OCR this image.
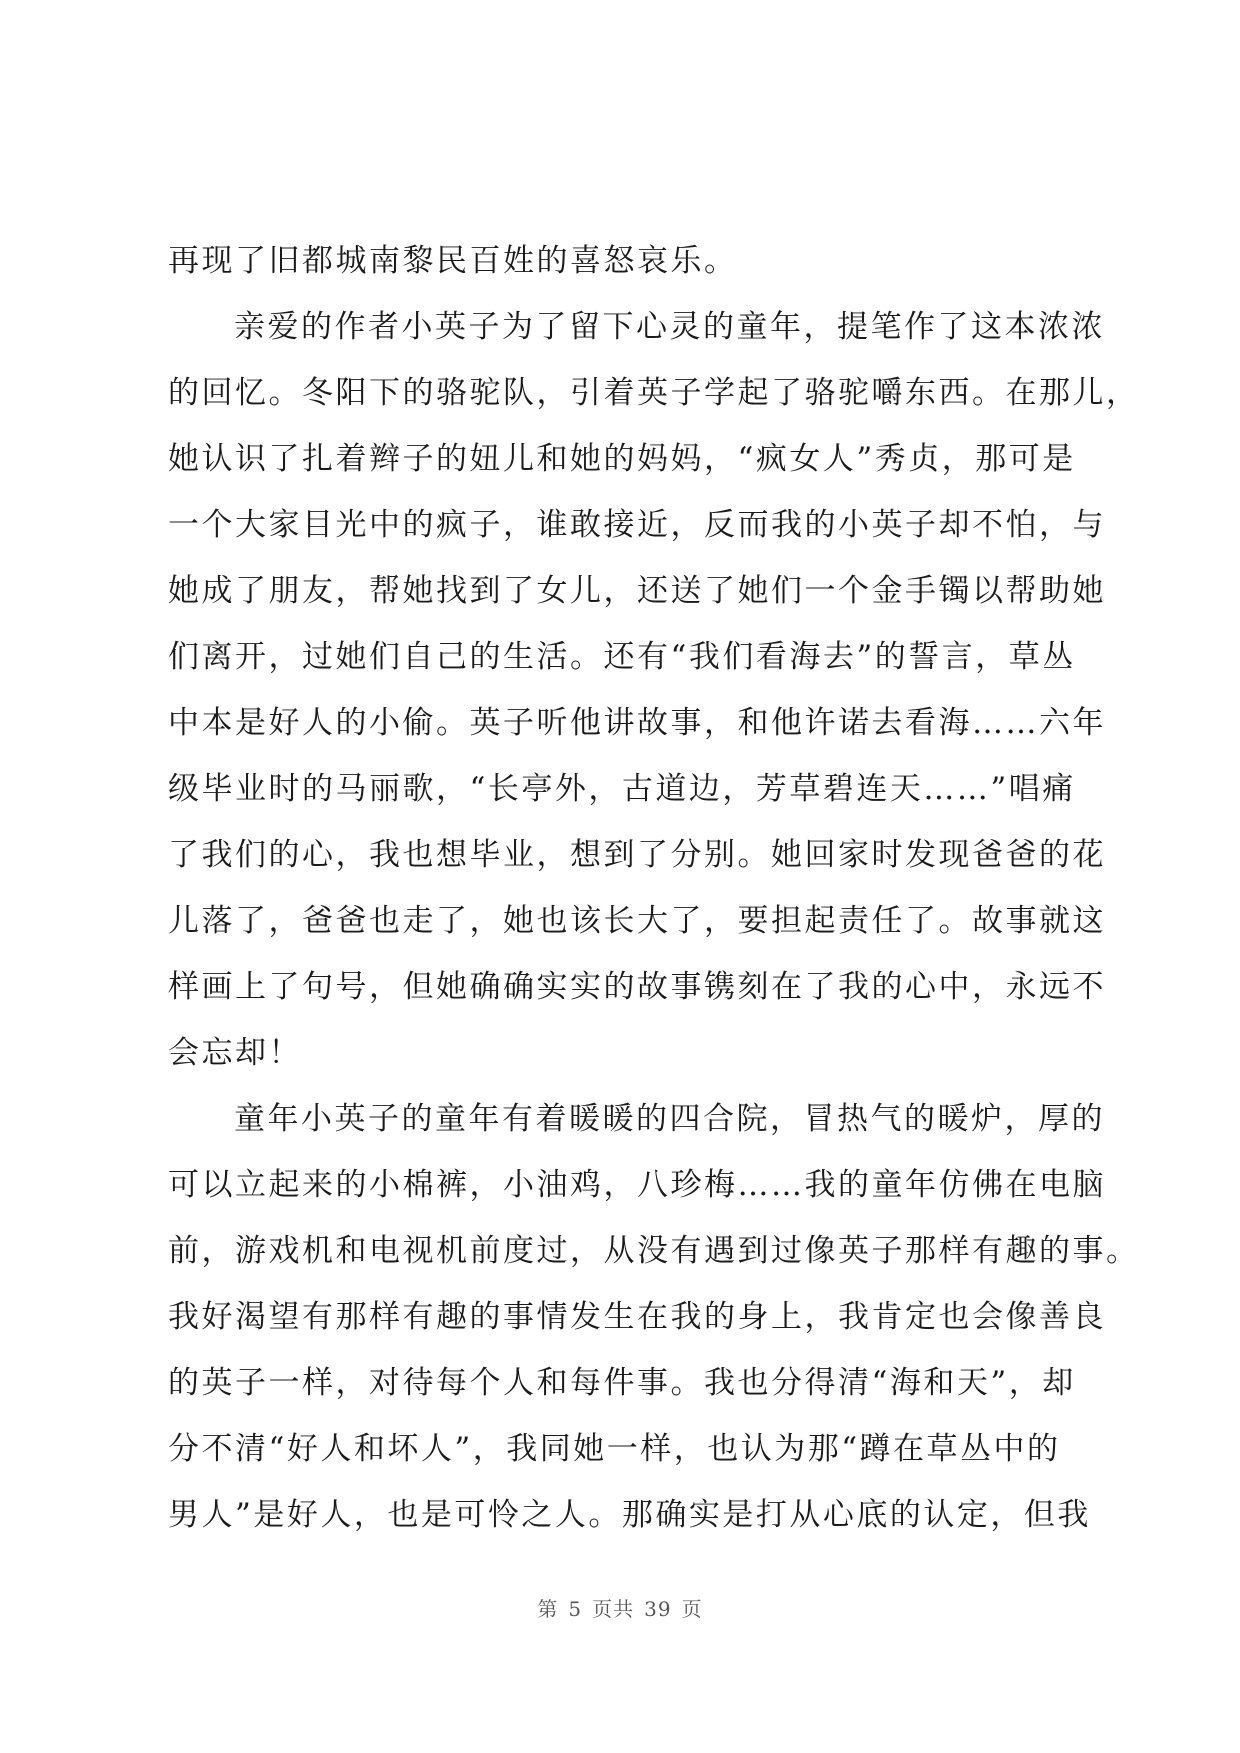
再现了旧都城南黎民百姓的喜怒哀乐。
亲爱的作者小英子为了留下心灵的童年，提笔作了这本浓浓
的回忆。冬阳下的骆驼队，引着英子学起了骆驼嚼东西。在那儿，
她认识了扎着辫子的妞儿和她的妈妈，“疯女人”秀贞，那可是
一个大家目光中的疯子，谁敢接近，反而我的小英子却不怕，与
她成了朋友，帮她找到了女儿，还送了她们一个金手镯以帮助她
们离开，过她们自己的生活。还有“我们看海去”的誓言，草丛
中本是好人的小偷。英子听他讲故事，和他许诺去看海……六年
级毕业时的马丽歌，“长亭外，古道边，芳草碧连天……”唱痛
了我们的心，我也想毕业，想到了分别。她回家时发现爸爸的花
儿落了，爸爸也走了，她也该长大了，要担起责任了。故事就这
样画上了句号，但她确确实实的故事镌刻在了我的心中，永远不
会忘却！
童年小英子的童年有着暖暖的四合院，冒热气的暖炉，厚的
可以立起来的小棉裤，小油鸡，八珍梅……我的童年仿佛在电脑
前，游戏机和电视机前度过，从没有遇到过像英子那样有趣的事。
我好渴望有那样有趣的事情发生在我的身上，我肯定也会像善良
的英子一样，对待每个人和每件事。我也分得清“海和天”，却
分不清“好人和坏人”，我同她一样，也认为那“蹲在草丛中的
男人”是好人，也是可怜之人。那确实是打从心底的认定，但我
第 5 页共 39 页
